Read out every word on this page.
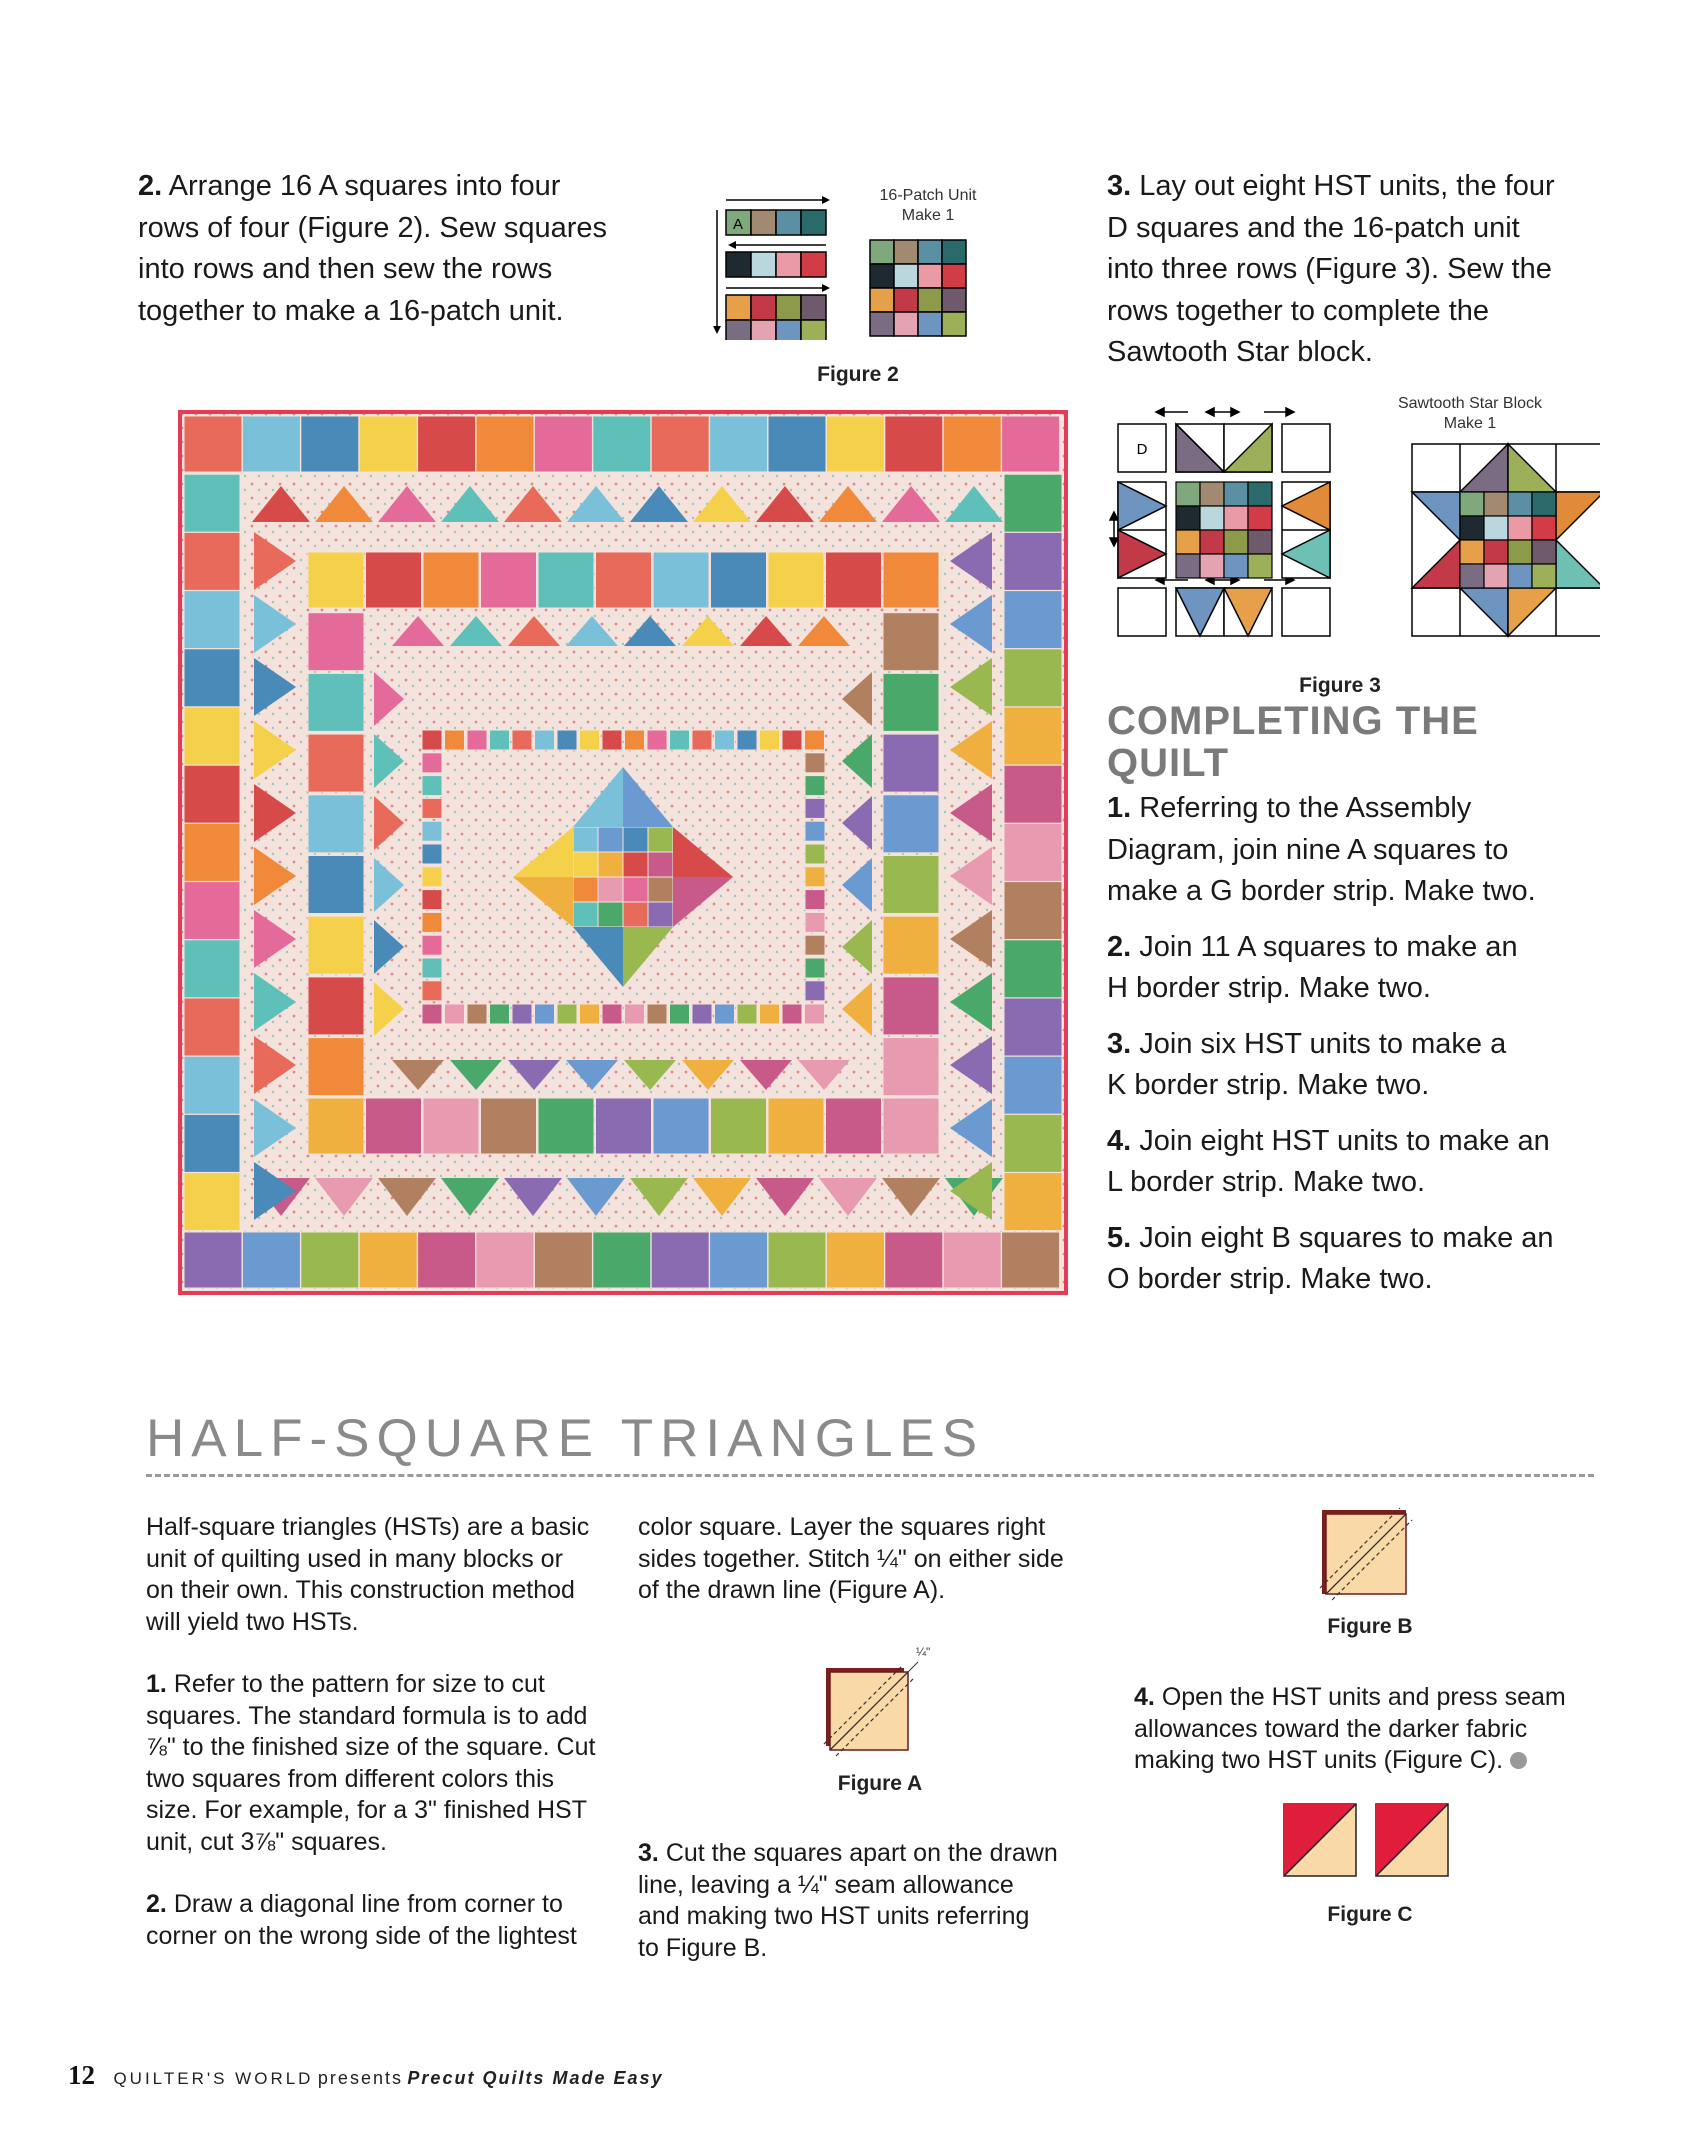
2. Arrange 16 A squares into four
rows of four (Figure 2). Sew squares
into rows and then sew the rows
together to make a 16-patch unit.
16-Patch Unit
Make 1
A
Figure 2
3. Lay out eight HST units, the four
D squares and the 16-patch unit
into three rows (Figure 3). Sew the
rows together to complete the
Sawtooth Star block.
Sawtooth Star Block
Make 1
D
Figure 3
COMPLETING THE
QUILT
1. Referring to the Assembly
Diagram, join nine A squares to
make a G border strip. Make two.
2. Join 11 A squares to make an
H border strip. Make two.
3. Join six HST units to make a
K border strip. Make two.
4. Join eight HST units to make an
L border strip. Make two.
5. Join eight B squares to make an
O border strip. Make two.
HALF-SQUARE TRIANGLES
Half-square triangles (HSTs) are a basic
unit of quilting used in many blocks or
on their own. This construction method
will yield two HSTs.
1. Refer to the pattern for size to cut
squares. The standard formula is to add
⅞" to the finished size of the square. Cut
two squares from different colors this
size. For example, for a 3" finished HST
unit, cut 3⅞" squares.
2. Draw a diagonal line from corner to
corner on the wrong side of the lightest
color square. Layer the squares right
sides together. Stitch ¼" on either side
of the drawn line (Figure A).
¼"
Figure A
3. Cut the squares apart on the drawn
line, leaving a ¼" seam allowance
and making two HST units referring
to Figure B.
Figure B
4. Open the HST units and press seam
allowances toward the darker fabric
making two HST units (Figure C).
Figure C
12 QUILTER'S WORLD presents Precut Quilts Made Easy
